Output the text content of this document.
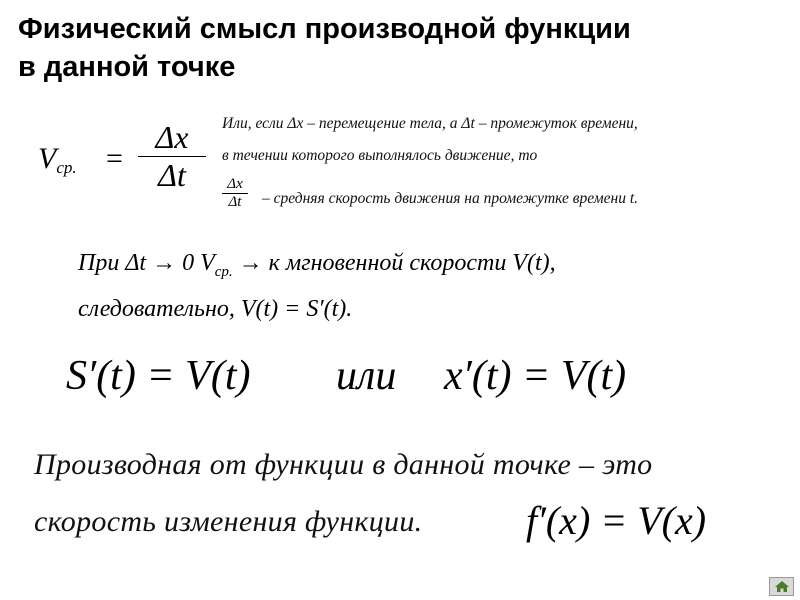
Физический смысл производной функции
в данной точке
$V_{ср.}$ =
Δx
Δt
Или, если Δx – перемещение тела, а Δt – промежуток времени,
в течении которого выполнялось движение, то
Δx
Δt	– средняя скорость движения на промежутке времени t.
При Δt → 0 $V_{ср.} \to к$ мгновенной скорости V(t),
следовательно, V(t) = S′(t).
S′(t) = V(t) или x′(t) = V(t)
Производная от функции в данной точке – это
скорость изменения функции.	f′(x) = V(x)
